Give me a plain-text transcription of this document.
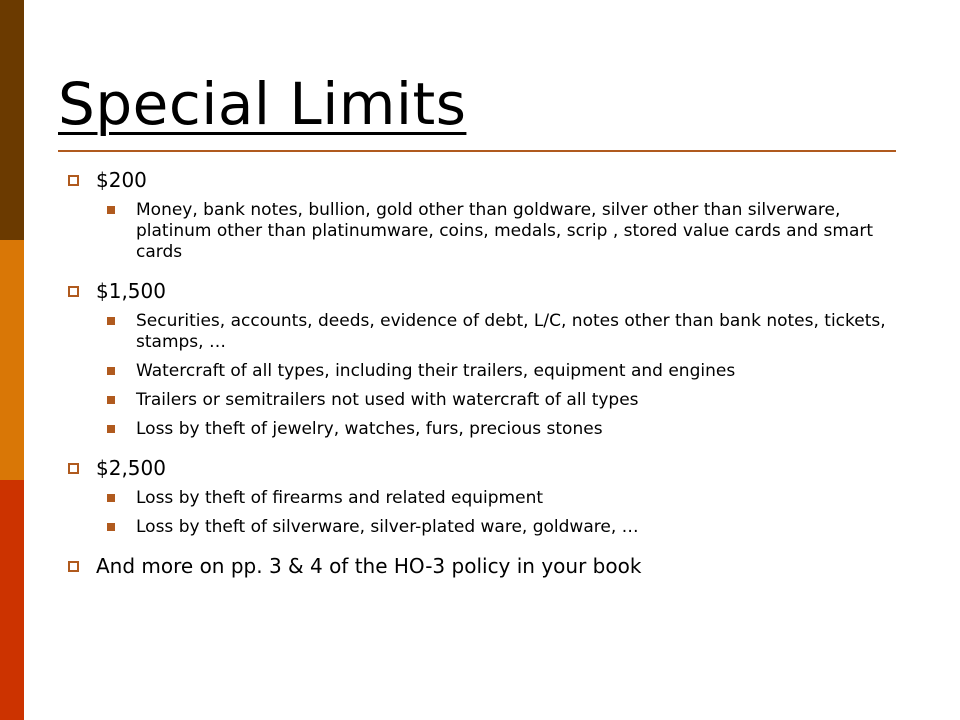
Special Limits
$200
Money, bank notes, bullion, gold other than goldware, silver other than silverware, platinum other than platinumware, coins, medals, scrip , stored value cards and smart cards
$1,500
Securities, accounts, deeds, evidence of debt, L/C, notes other than bank notes, tickets, stamps, …
Watercraft of all types, including their trailers, equipment and engines
Trailers or semitrailers not used with watercraft of all types
Loss by theft of jewelry, watches, furs, precious stones
$2,500
Loss by theft of firearms and related equipment
Loss by theft of silverware, silver-plated ware, goldware, …
And more on pp. 3 & 4 of the HO-3 policy in your book
